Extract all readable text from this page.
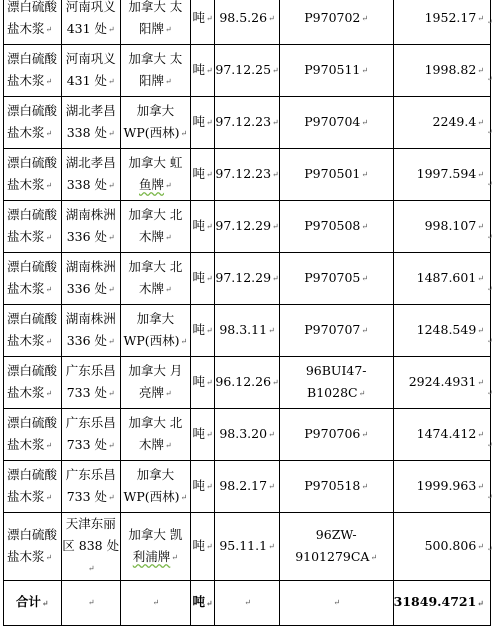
漂白硫酸
盐木浆↵	河南巩义
431 处↵	加拿大 太
阳牌↵	吨↵	98.5.26↵	P970702↵	1952.17↵
漂白硫酸
盐木浆↵	河南巩义
431 处↵	加拿大 太
阳牌↵	吨↵	97.12.25↵	P970511↵	1998.82↵
漂白硫酸
盐木浆↵	湖北孝昌
338 处↵	加拿大
WP(西林)↵	吨↵	97.12.23↵	P970704↵	2249.4↵
漂白硫酸
盐木浆↵	湖北孝昌
338 处↵	加拿大 虹
鱼牌↵	吨↵	97.12.23↵	P970501↵	1997.594↵
漂白硫酸
盐木浆↵	湖南株洲
336 处↵	加拿大 北
木牌↵	吨↵	97.12.29↵	P970508↵	998.107↵
漂白硫酸
盐木浆↵	湖南株洲
336 处↵	加拿大 北
木牌↵	吨↵	97.12.29↵	P970705↵	1487.601↵
漂白硫酸
盐木浆↵	湖南株洲
336 处↵	加拿大
WP(西林)↵	吨↵	98.3.11↵	P970707↵	1248.549↵
漂白硫酸
盐木浆↵	广东乐昌
733 处↵	加拿大 月
亮牌↵	吨↵	96.12.26↵	96BUI47-B1028C↵	2924.4931↵
漂白硫酸
盐木浆↵	广东乐昌
733 处↵	加拿大 北
木牌↵	吨↵	98.3.20↵	P970706↵	1474.412↵
漂白硫酸
盐木浆↵	广东乐昌
733 处↵	加拿大
WP(西林)↵	吨↵	98.2.17↵	P970518↵	1999.963↵
漂白硫酸
盐木浆↵	天津东丽
区 838 处↵	加拿大 凯
利浦牌↵	吨↵	95.11.1↵	96ZW-9101279CA↵	500.806↵
合计↵	↵	↵	吨↵	↵	↵	31849.4721↵
↵
↵
↵
↵
↵
↵
↵
↵
↵
↵
↵
